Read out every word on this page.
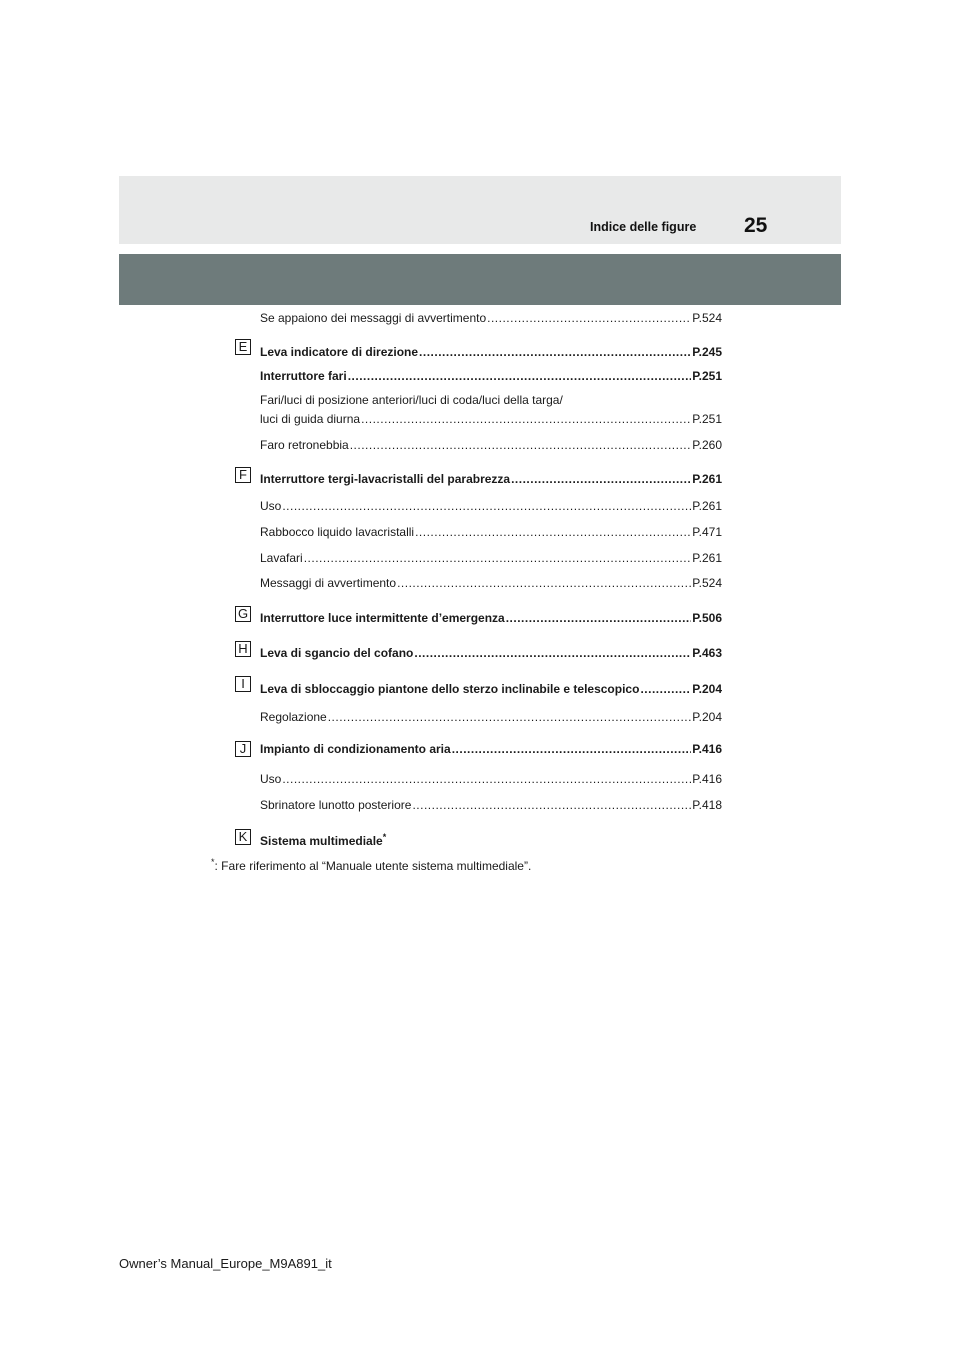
Indice delle figure 25
Se appaiono dei messaggi di avvertimento .....	P.524
E	Leva indicatore di direzione .....	P.245
Interruttore fari .....	P.251
Fari/luci di posizione anteriori/luci di coda/luci della targa/
luci di guida diurna .....	P.251
Faro retronebbia .....	P.260
F	Interruttore tergi-lavacristalli del parabrezza .....	P.261
Uso .....	P.261
Rabbocco liquido lavacristalli .....	P.471
Lavafari .....	P.261
Messaggi di avvertimento .....	P.524
G Interruttore luce intermittente d’emergenza .....	P.506
H Leva di sgancio del cofano .....	P.463
I	Leva di sbloccaggio piantone dello sterzo inclinabile e telescopico .....	P.204
Regolazione .....	P.204
J	Impianto di condizionamento aria .....	P.416
Uso .....	P.416
Sbrinatore lunotto posteriore .....	P.418
K	Sistema multimediale*
*: Fare riferimento al “Manuale utente sistema multimediale”.
Owner’s Manual_Europe_M9A891_it
